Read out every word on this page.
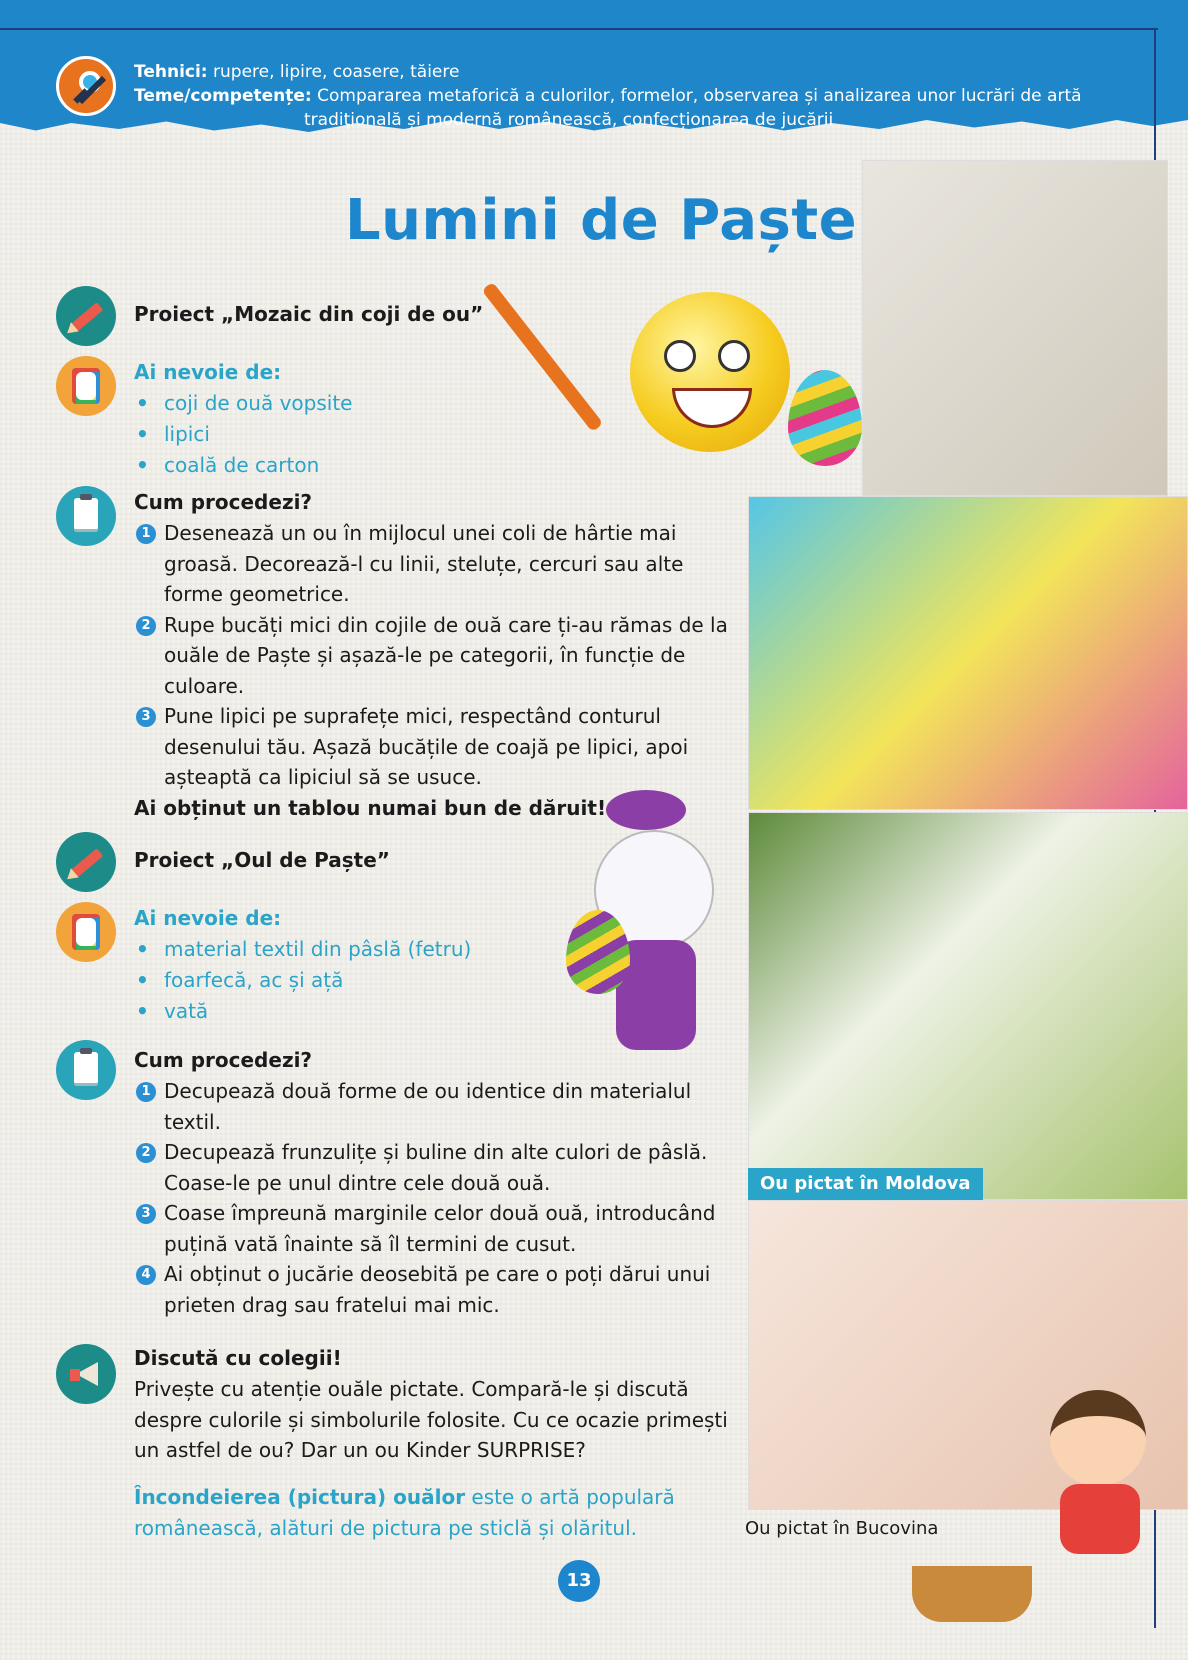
Tehnici: rupere, lipire, coasere, tăiere
Teme/competențe: Compararea metaforică a culorilor, formelor, observarea și analizarea unor lucrări de artă
tradițională și modernă românească, confecționarea de jucării
Lumini de Paște
Ou pictat în Moldova
Ou pictat în Bucovina
Proiect „Mozaic din coji de ou”
Ai nevoie de:
• coji de ouă vopsite
• lipici
• coală de carton
Cum procedezi?
1 Desenează un ou în mijlocul unei coli de hârtie mai groasă. Decorează-l cu linii, steluțe, cercuri sau alte forme geometrice.
2 Rupe bucăți mici din cojile de ouă care ți-au rămas de la ouăle de Paște și așază-le pe categorii, în funcție de culoare.
3 Pune lipici pe suprafețe mici, respectând conturul desenului tău. Așază bucățile de coajă pe lipici, apoi așteaptă ca lipiciul să se usuce.
Ai obținut un tablou numai bun de dăruit!
Proiect „Oul de Paște”
Ai nevoie de:
• material textil din pâslă (fetru)
• foarfecă, ac și ață
• vată
Cum procedezi?
1 Decupează două forme de ou identice din materialul textil.
2 Decupează frunzulițe și buline din alte culori de pâslă. Coase-le pe unul dintre cele două ouă.
3 Coase împreună marginile celor două ouă, introducând puțină vată înainte să îl termini de cusut.
4 Ai obținut o jucărie deosebită pe care o poți dărui unui prieten drag sau fratelui mai mic.
Discută cu colegii!
Privește cu atenție ouăle pictate. Compară-le și discută despre culorile și simbolurile folosite. Cu ce ocazie primești un astfel de ou? Dar un ou Kinder SURPRISE?
Încondeierea (pictura) ouălor este o artă populară românească, alături de pictura pe sticlă și olăritul.
13
